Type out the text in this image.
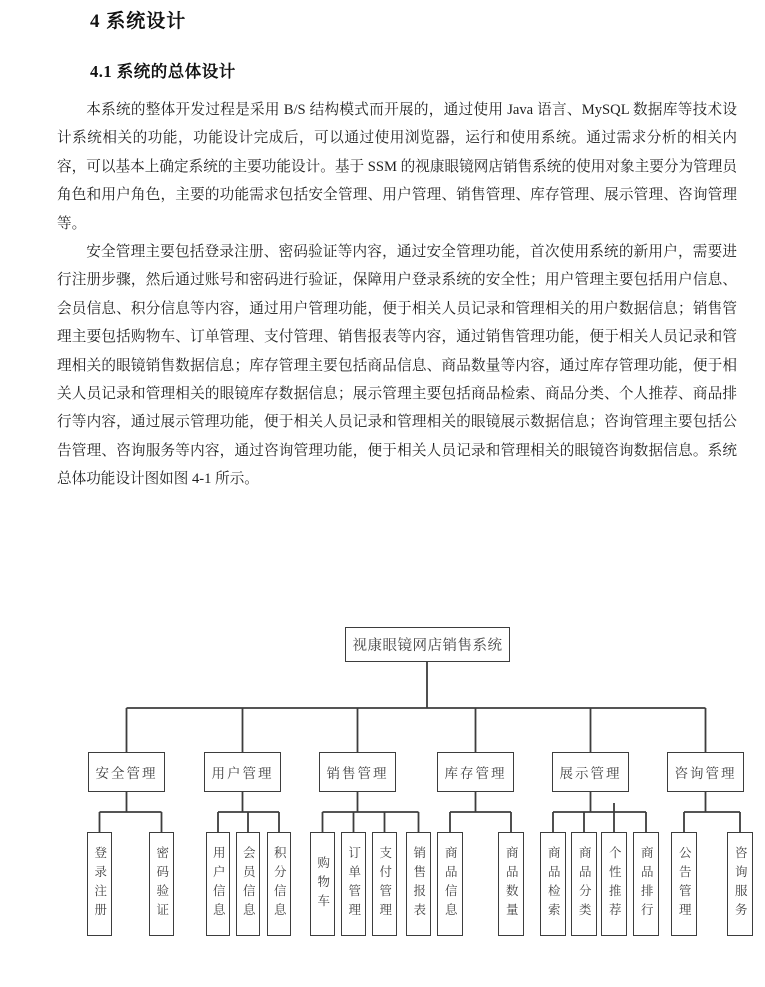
4 系统设计
4.1 系统的总体设计

本系统的整体开发过程是采用 B/S 结构模式而开展的，通过使用 Java 语言、MySQL 数据库等技术设计系统相关的功能，功能设计完成后，可以通过使用浏览器，运行和使用系统。通过需求分析的相关内容，可以基本上确定系统的主要功能设计。基于 SSM 的视康眼镜网店销售系统的使用对象主要分为管理员角色和用户角色，主要的功能需求包括安全管理、用户管理、销售管理、库存管理、展示管理、咨询管理等。

安全管理主要包括登录注册、密码验证等内容，通过安全管理功能，首次使用系统的新用户，需要进行注册步骤，然后通过账号和密码进行验证，保障用户登录系统的安全性；用户管理主要包括用户信息、会员信息、积分信息等内容，通过用户管理功能，便于相关人员记录和管理相关的用户数据信息；销售管理主要包括购物车、订单管理、支付管理、销售报表等内容，通过销售管理功能，便于相关人员记录和管理相关的眼镜销售数据信息；库存管理主要包括商品信息、商品数量等内容，通过库存管理功能，便于相关人员记录和管理相关的眼镜库存数据信息；展示管理主要包括商品检索、商品分类、个人推荐、商品排行等内容，通过展示管理功能，便于相关人员记录和管理相关的眼镜展示数据信息；咨询管理主要包括公告管理、咨询服务等内容，通过咨询管理功能，便于相关人员记录和管理相关的眼镜咨询数据信息。系统总体功能设计图如图 4-1 所示。

视康眼镜网店销售系统
安全管理	用户管理	销售管理	库存管理	展示管理	咨询管理
登录注册	密码验证	用户信息 会员信息 积分信息 购物车 订单管理 支付管理 销售报表 商品信息	商品数量 商品检索 商品分类 个性推荐 商品排行 公告管理	咨询服务
